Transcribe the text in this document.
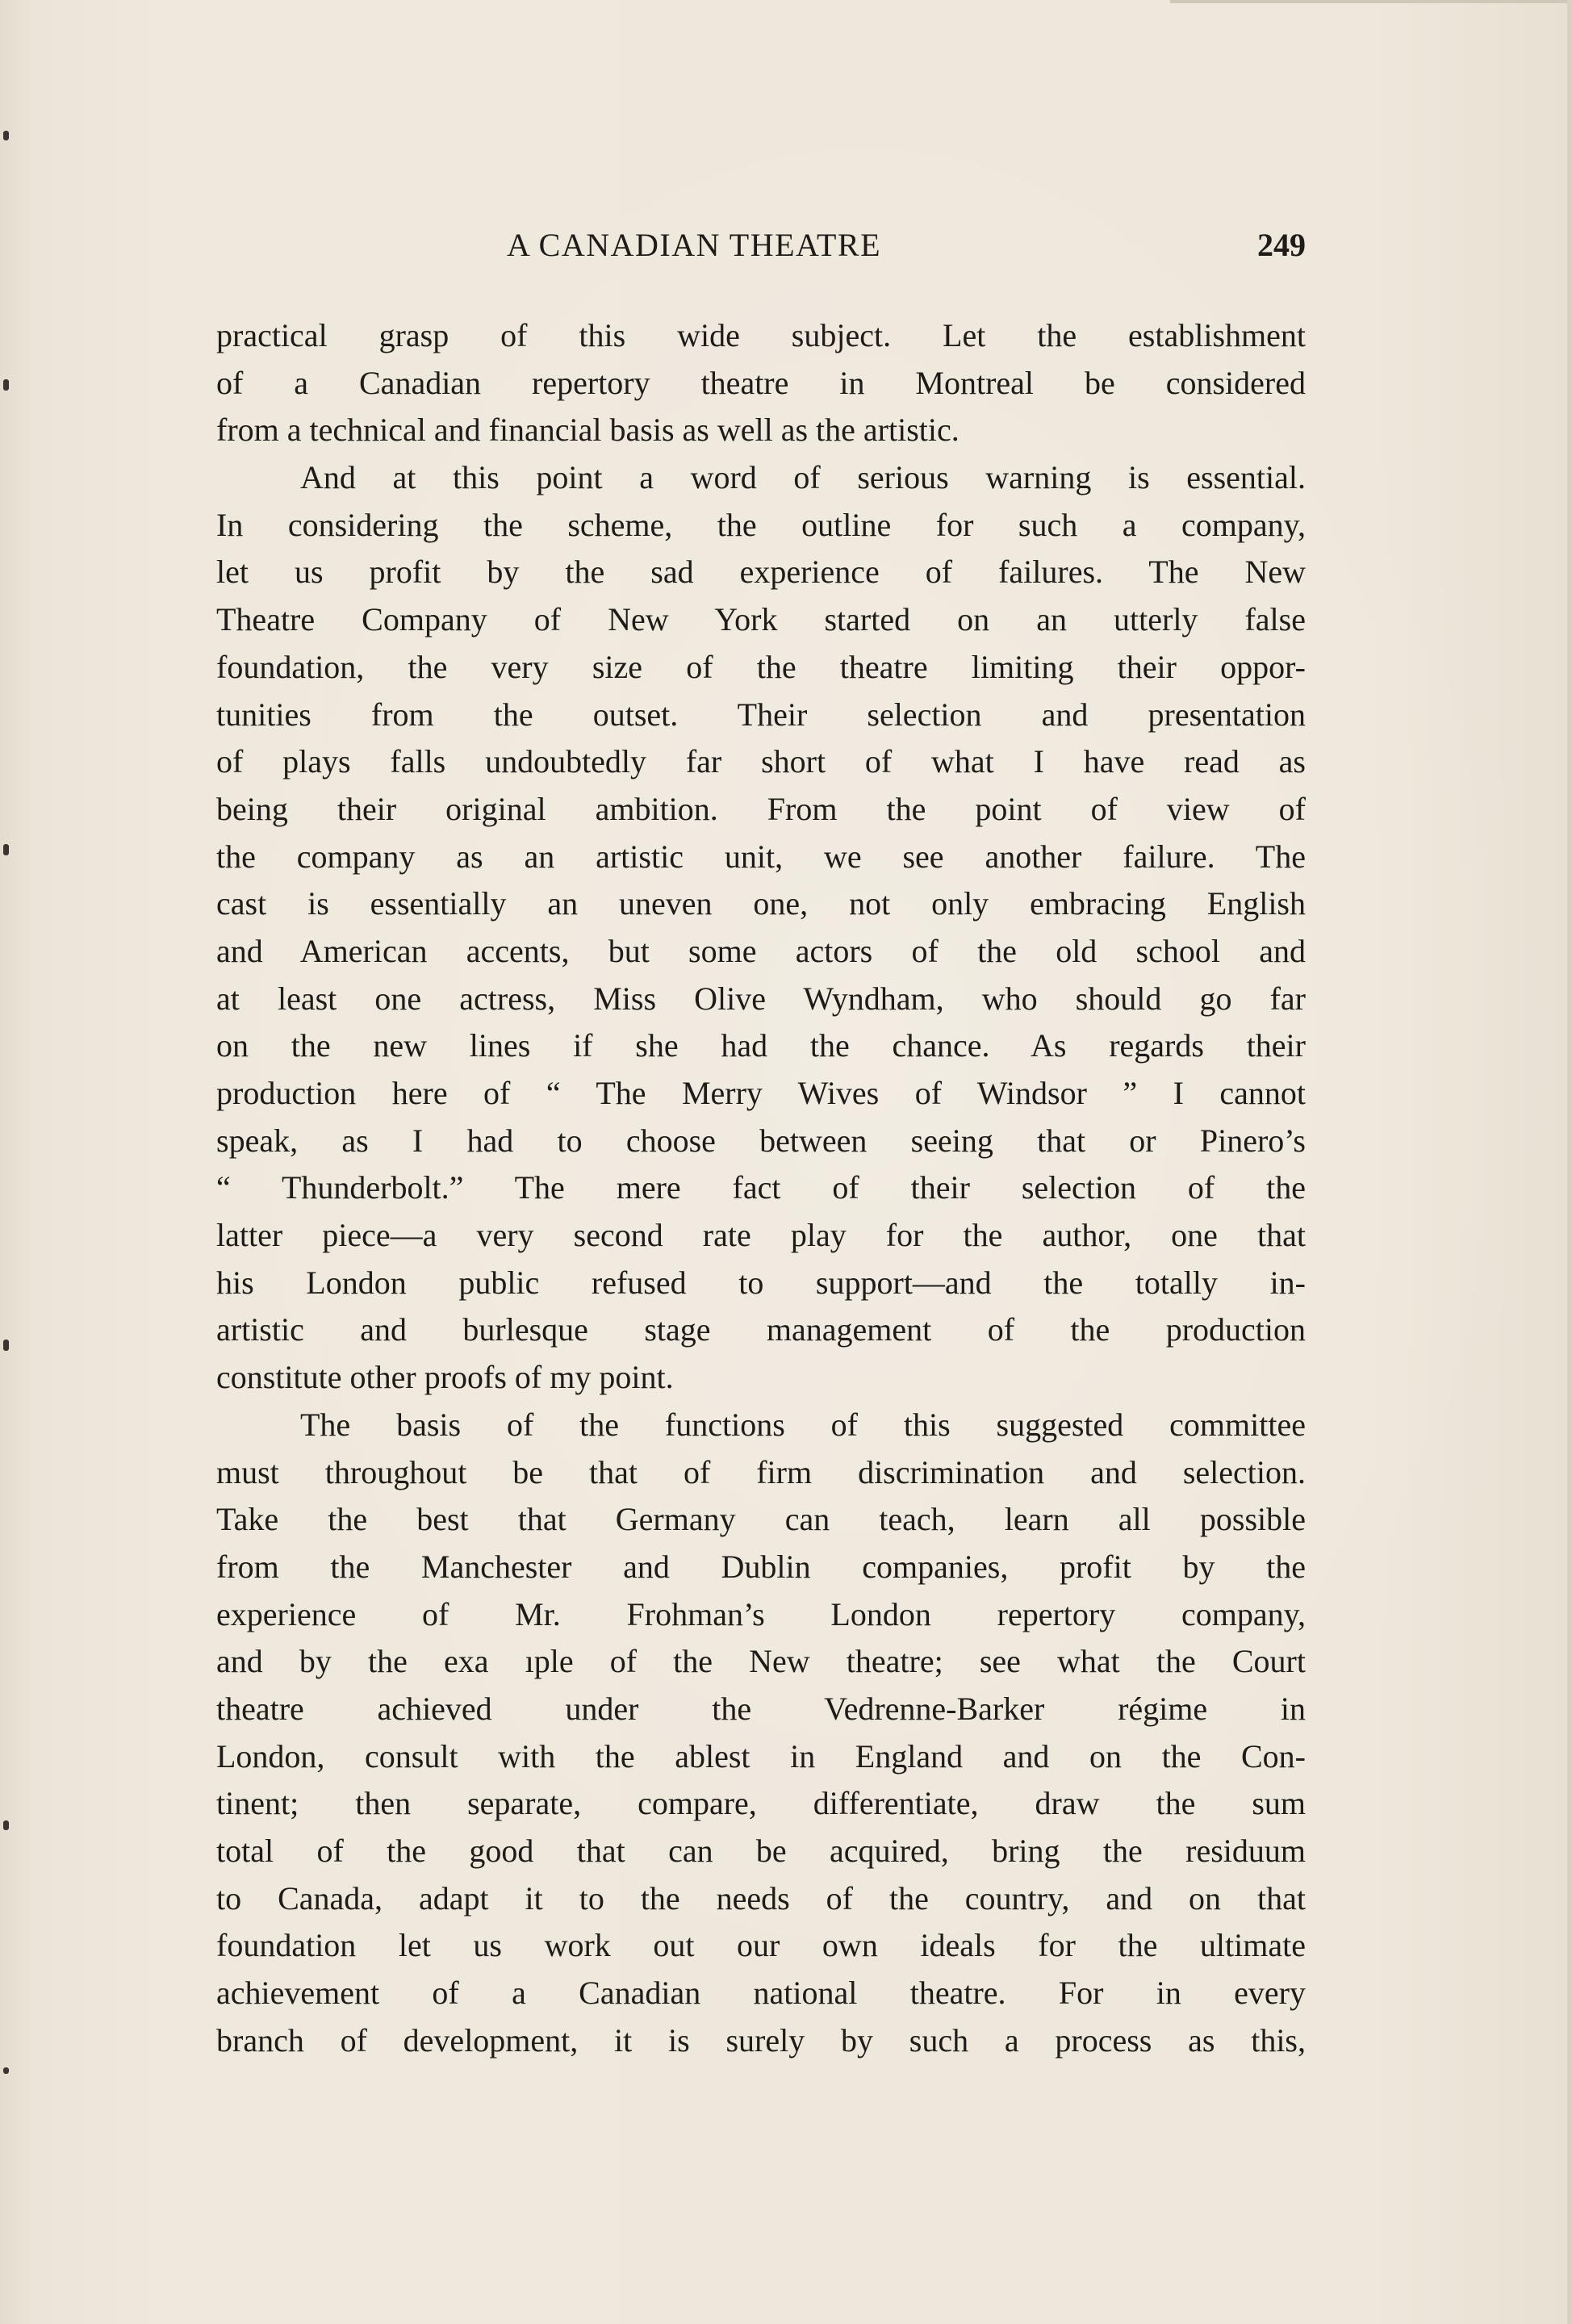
A CANADIAN THEATRE	249
practical grasp of this wide subject. Let the establishment
of a Canadian repertory theatre in Montreal be considered
from a technical and financial basis as well as the artistic.
And at this point a word of serious warning is essential.
In considering the scheme, the outline for such a company,
let us profit by the sad experience of failures. The New
Theatre Company of New York started on an utterly false
foundation, the very size of the theatre limiting their oppor-
tunities from the outset. Their selection and presentation
of plays falls undoubtedly far short of what I have read as
being their original ambition. From the point of view of
the company as an artistic unit, we see another failure. The
cast is essentially an uneven one, not only embracing English
and American accents, but some actors of the old school and
at least one actress, Miss Olive Wyndham, who should go far
on the new lines if she had the chance. As regards their
production here of “ The Merry Wives of Windsor ” I cannot
speak, as I had to choose between seeing that or Pinero’s
“ Thunderbolt.” The mere fact of their selection of the
latter piece—a very second rate play for the author, one that
his London public refused to support—and the totally in-
artistic and burlesque stage management of the production
constitute other proofs of my point.
The basis of the functions of this suggested committee
must throughout be that of firm discrimination and selection.
Take the best that Germany can teach, learn all possible
from the Manchester and Dublin companies, profit by the
experience of Mr. Frohman’s London repertory company,
and by the exa ıple of the New theatre; see what the Court
theatre achieved under the Vedrenne-Barker régime in
London, consult with the ablest in England and on the Con-
tinent; then separate, compare, differentiate, draw the sum
total of the good that can be acquired, bring the residuum
to Canada, adapt it to the needs of the country, and on that
foundation let us work out our own ideals for the ultimate
achievement of a Canadian national theatre. For in every
branch of development, it is surely by such a process as this,
